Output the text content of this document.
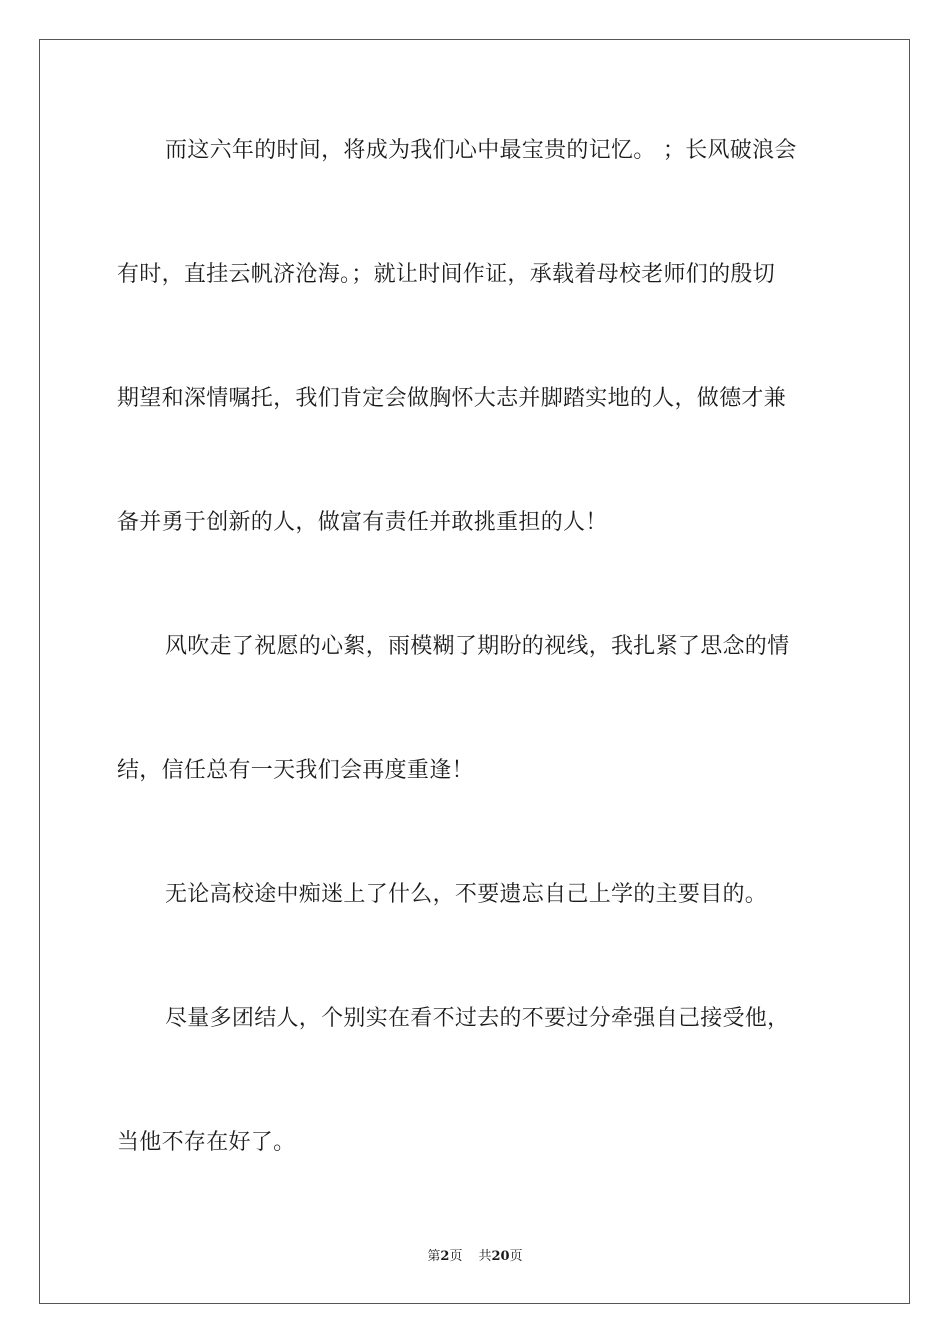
而这六年的时间，将成为我们心中最宝贵的记忆。 ；长风破浪会

有时，直挂云帆济沧海。；就让时间作证，承载着母校老师们的殷切

期望和深情嘱托，我们肯定会做胸怀大志并脚踏实地的人，做德才兼

备并勇于创新的人，做富有责任并敢挑重担的人！

风吹走了祝愿的心絮，雨模糊了期盼的视线，我扎紧了思念的情

结，信任总有一天我们会再度重逢！

无论高校途中痴迷上了什么，不要遗忘自己上学的主要目的。

尽量多团结人，个别实在看不过去的不要过分牵强自己接受他，

当他不存在好了。

第2页 共20页
